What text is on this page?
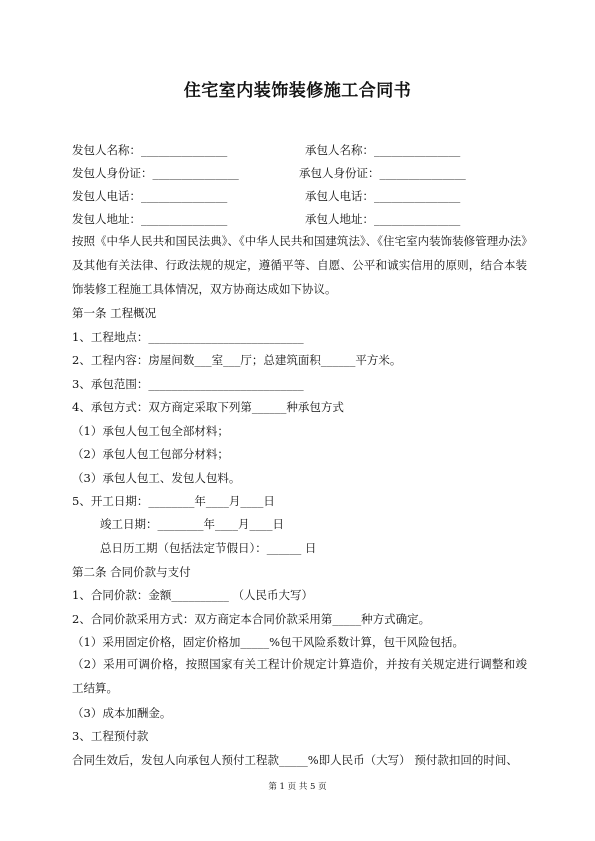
住宅室内装饰装修施工合同书
发包人名称：_______________	承包人名称：_______________
发包人身份证：_______________	承包人身份证：_______________
发包人电话：_______________	承包人电话：_______________
发包人地址：_______________	承包人地址：_______________
按照《中华人民共和国民法典》、《中华人民共和国建筑法》、《住宅室内装饰装修管理办法》及其他有关法律、行政法规的规定，遵循平等、自愿、公平和诚实信用的原则，结合本装饰装修工程施工具体情况，双方协商达成如下协议。
第一条 工程概况
1、工程地点：___________________________
2、工程内容：房屋间数___室___厅；总建筑面积______平方米。
3、承包范围：___________________________
4、承包方式：双方商定采取下列第______种承包方式
（1）承包人包工包全部材料；
（2）承包人包工包部分材料；
（3）承包人包工、发包人包料。
5、开工日期：________年____月____日
竣工日期：________年____月____日
总日历工期（包括法定节假日）：______ 日
第二条 合同价款与支付
1、合同价款：金额__________ （人民币大写）
2、合同价款采用方式：双方商定本合同价款采用第_____种方式确定。
（1）采用固定价格，固定价格加_____%包干风险系数计算，包干风险包括。
（2）采用可调价格，按照国家有关工程计价规定计算造价，并按有关规定进行调整和竣工结算。
（3）成本加酬金。
3、工程预付款
合同生效后，发包人向承包人预付工程款_____%即人民币（大写） 预付款扣回的时间、
第 1 页 共 5 页
